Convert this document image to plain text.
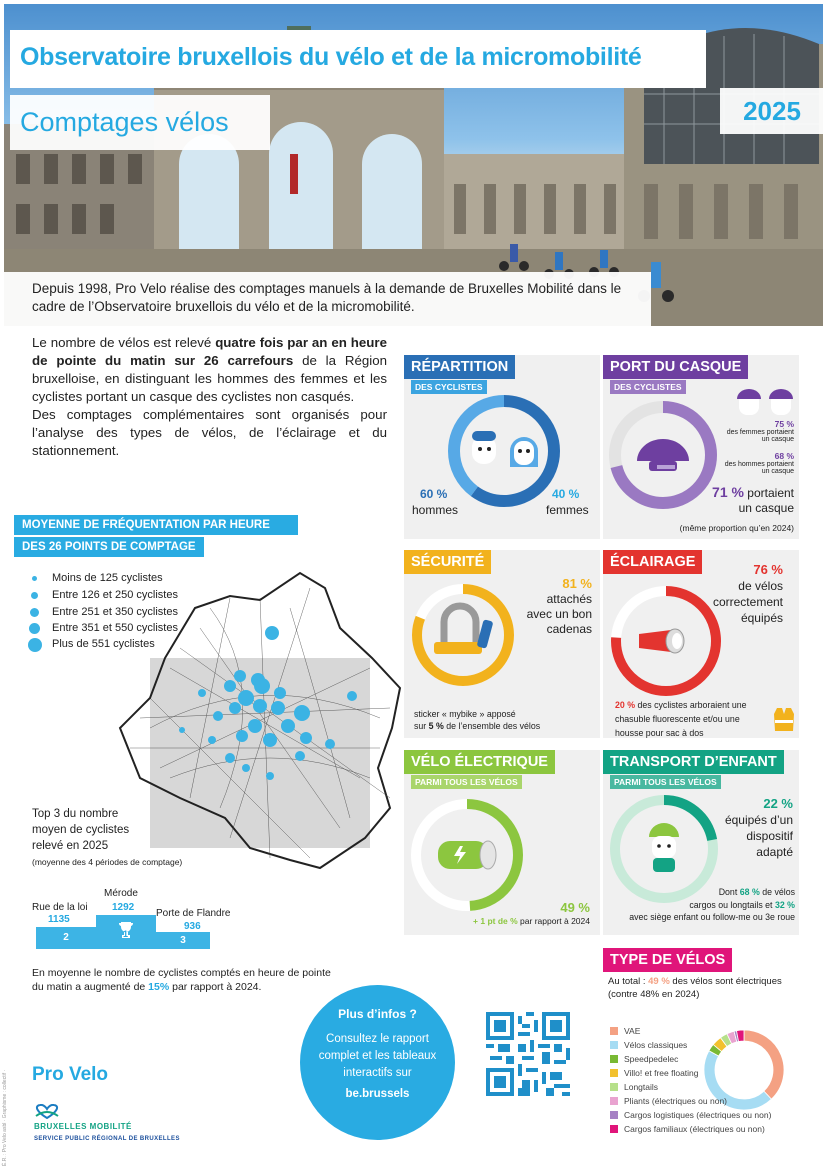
Observatoire bruxellois du vélo et de la micromobilité
Comptages vélos	2025

Depuis 1998, Pro Velo réalise des comptages manuels à la demande de Bruxelles Mobilité dans le cadre de l’Observatoire bruxellois du vélo et de la micromobilité.

Le nombre de vélos est relevé quatre fois par an en heure de pointe du matin sur 26 carrefours de la Région bruxelloise, en distinguant les hommes des femmes et les cyclistes portant un casque des cyclistes non casqués.

Des comptages complémentaires sont organisés pour l’analyse des types de vélos, de l’éclairage et du stationnement.

MOYENNE DE FRÉQUENTATION PAR HEURE
DES 26 POINTS DE COMPTAGE
Moins de 125 cyclistes
Entre 126 et 250 cyclistes
Entre 251 et 350 cyclistes
Entre 351 et 550 cyclistes
Plus de 551 cyclistes
Top 3 du nombre
moyen de cyclistes
relevé en 2025
(moyenne des 4 périodes de comptage)
Rue de la loi
1135
Mérode
1292
Porte de Flandre
936
2	1
3
En moyenne le nombre de cyclistes comptés en heure de pointe du matin a augmenté de 15% par rapport à 2024.
RÉPARTITION
DES CYCLISTES
60 %
hommes
40 %
femmes
PORT DU CASQUE
DES CYCLISTES
75 %
des femmes portaient
un casque
68 %
des hommes portaient
un casque
71 % portaient
un casque
(même proportion qu’en 2024)
SÉCURITÉ
81 %
attachés
avec un bon
cadenas
sticker « mybike » apposé
sur 5 % de l’ensemble des vélos
ÉCLAIRAGE	76 %
de vélos
correctement
équipés
20 % des cyclistes arboraient une
chasuble fluorescente et/ou une
housse pour sac à dos
VÉLO ÉLECTRIQUE
PARMI TOUS LES VÉLOS
49 %
+ 1 pt de % par rapport à 2024
TRANSPORT D’ENFANT
PARMI TOUS LES VÉLOS
22 %
équipés d’un
dispositif
adapté
Dont 68 % de vélos
cargos ou longtails et 32 %
avec siège enfant ou follow-me ou 3e roue
TYPE DE VÉLOS
Au total : 49 % des vélos sont électriques
(contre 48% en 2024)
VAE
Vélos classiques
Speedpedelec
Villo! et free floating
Longtails
Pliants (électriques ou non)
Cargos logistiques (électriques ou non)
Cargos familiaux (électriques ou non)
Plus d’infos ?
Consultez le rapport
complet et les tableaux
interactifs sur
be.brussels
Pro Velo
BRUXELLES MOBILITÉ
SERVICE PUBLIC RÉGIONAL DE BRUXELLES
É.R. : Pro Velo asbl · Graphisme : collectif ·
